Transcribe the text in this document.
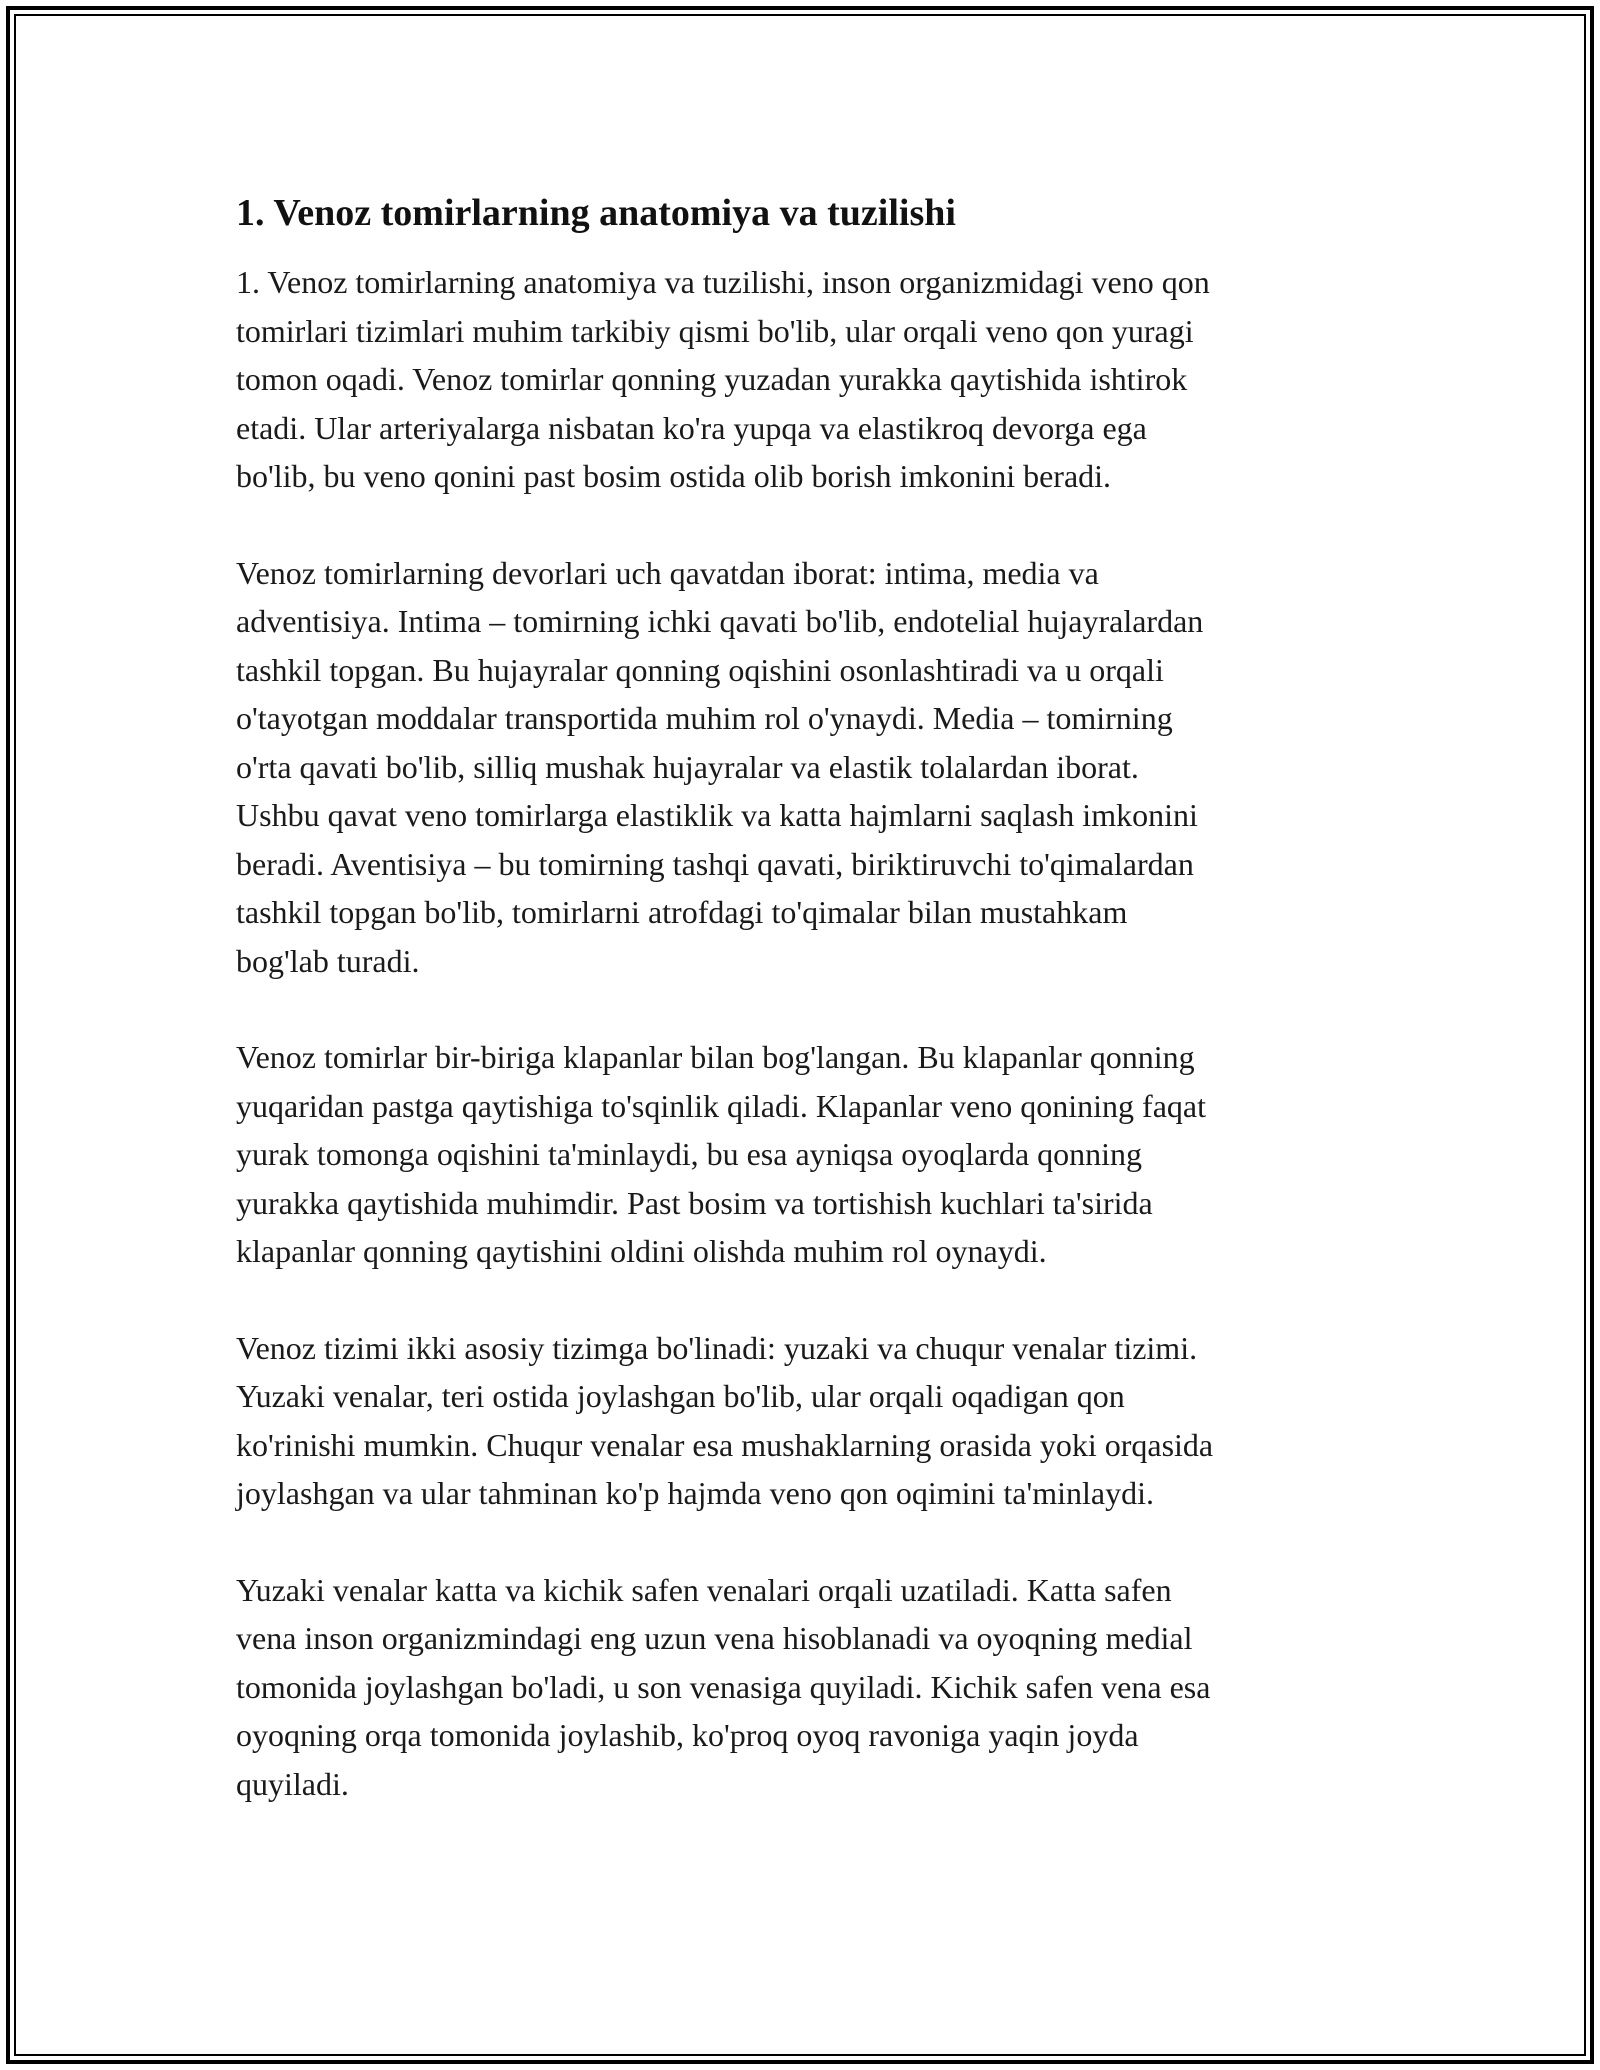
1. Venoz tomirlarning anatomiya va tuzilishi

1. Venoz tomirlarning anatomiya va tuzilishi, inson organizmidagi veno qon
tomirlari tizimlari muhim tarkibiy qismi bo'lib, ular orqali veno qon yuragi
tomon oqadi. Venoz tomirlar qonning yuzadan yurakka qaytishida ishtirok
etadi. Ular arteriyalarga nisbatan ko'ra yupqa va elastikroq devorga ega
bo'lib, bu veno qonini past bosim ostida olib borish imkonini beradi.

Venoz tomirlarning devorlari uch qavatdan iborat: intima, media va
adventisiya. Intima – tomirning ichki qavati bo'lib, endotelial hujayralardan
tashkil topgan. Bu hujayralar qonning oqishini osonlashtiradi va u orqali
o'tayotgan moddalar transportida muhim rol o'ynaydi. Media – tomirning
o'rta qavati bo'lib, silliq mushak hujayralar va elastik tolalardan iborat.
Ushbu qavat veno tomirlarga elastiklik va katta hajmlarni saqlash imkonini
beradi. Aventisiya – bu tomirning tashqi qavati, biriktiruvchi to'qimalardan
tashkil topgan bo'lib, tomirlarni atrofdagi to'qimalar bilan mustahkam
bog'lab turadi.

Venoz tomirlar bir-biriga klapanlar bilan bog'langan. Bu klapanlar qonning
yuqaridan pastga qaytishiga to'sqinlik qiladi. Klapanlar veno qonining faqat
yurak tomonga oqishini ta'minlaydi, bu esa ayniqsa oyoqlarda qonning
yurakka qaytishida muhimdir. Past bosim va tortishish kuchlari ta'sirida
klapanlar qonning qaytishini oldini olishda muhim rol oynaydi.

Venoz tizimi ikki asosiy tizimga bo'linadi: yuzaki va chuqur venalar tizimi.
Yuzaki venalar, teri ostida joylashgan bo'lib, ular orqali oqadigan qon
ko'rinishi mumkin. Chuqur venalar esa mushaklarning orasida yoki orqasida
joylashgan va ular tahminan ko'p hajmda veno qon oqimini ta'minlaydi.

Yuzaki venalar katta va kichik safen venalari orqali uzatiladi. Katta safen
vena inson organizmindagi eng uzun vena hisoblanadi va oyoqning medial
tomonida joylashgan bo'ladi, u son venasiga quyiladi. Kichik safen vena esa
oyoqning orqa tomonida joylashib, ko'proq oyoq ravoniga yaqin joyda
quyiladi.
